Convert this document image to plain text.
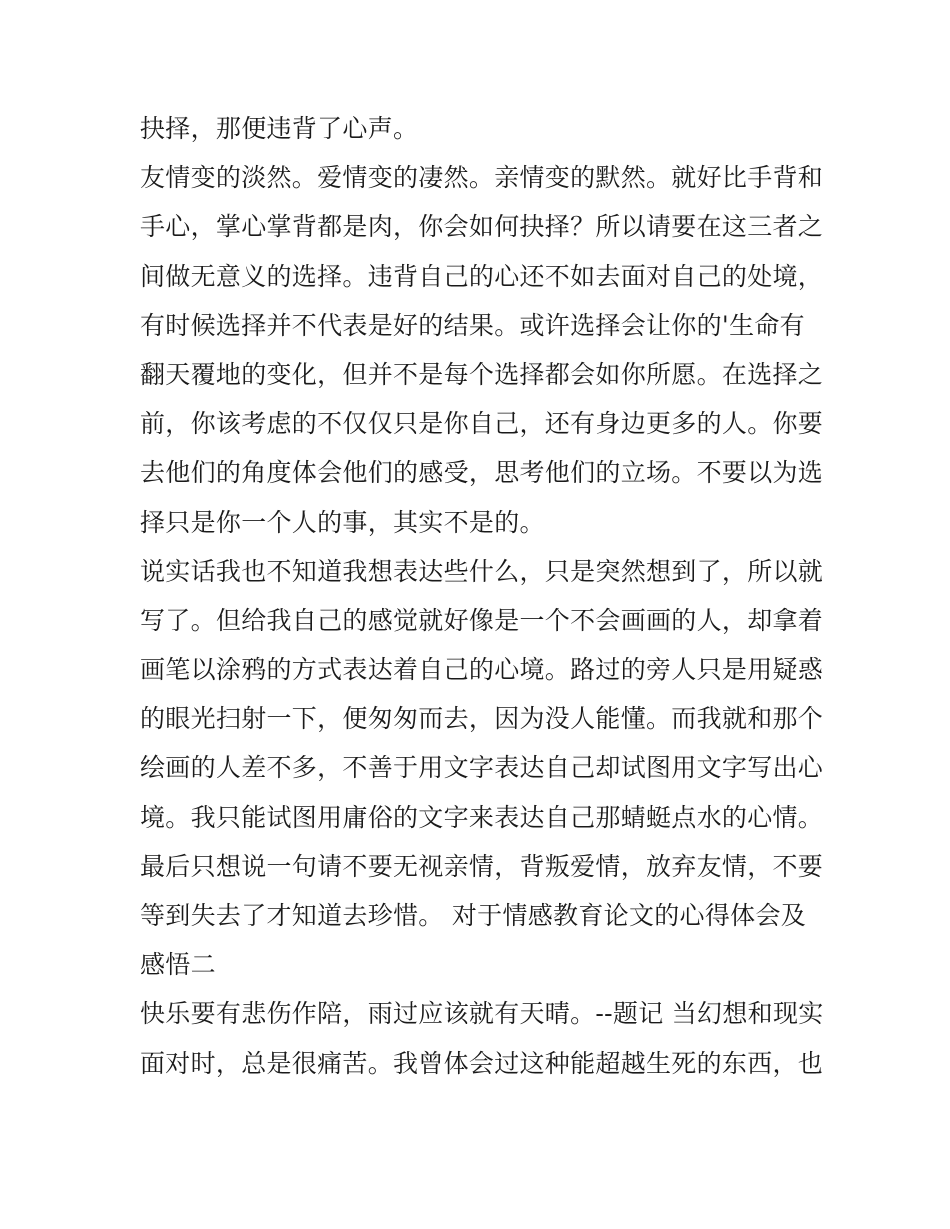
抉择，那便违背了心声。
友情变的淡然。爱情变的凄然。亲情变的默然。就好比手背和
手心，掌心掌背都是肉，你会如何抉择？所以请要在这三者之
间做无意义的选择。违背自己的心还不如去面对自己的处境，
有时候选择并不代表是好的结果。或许选择会让你的'生命有
翻天覆地的变化，但并不是每个选择都会如你所愿。在选择之
前，你该考虑的不仅仅只是你自己，还有身边更多的人。你要
去他们的角度体会他们的感受，思考他们的立场。不要以为选
择只是你一个人的事，其实不是的。
说实话我也不知道我想表达些什么，只是突然想到了，所以就
写了。但给我自己的感觉就好像是一个不会画画的人，却拿着
画笔以涂鸦的方式表达着自己的心境。路过的旁人只是用疑惑
的眼光扫射一下，便匆匆而去，因为没人能懂。而我就和那个
绘画的人差不多，不善于用文字表达自己却试图用文字写出心
境。我只能试图用庸俗的文字来表达自己那蜻蜓点水的心情。
最后只想说一句请不要无视亲情，背叛爱情，放弃友情，不要
等到失去了才知道去珍惜。 对于情感教育论文的心得体会及
感悟二
快乐要有悲伤作陪，雨过应该就有天晴。--题记 当幻想和现实
面对时，总是很痛苦。我曾体会过这种能超越生死的东西，也
